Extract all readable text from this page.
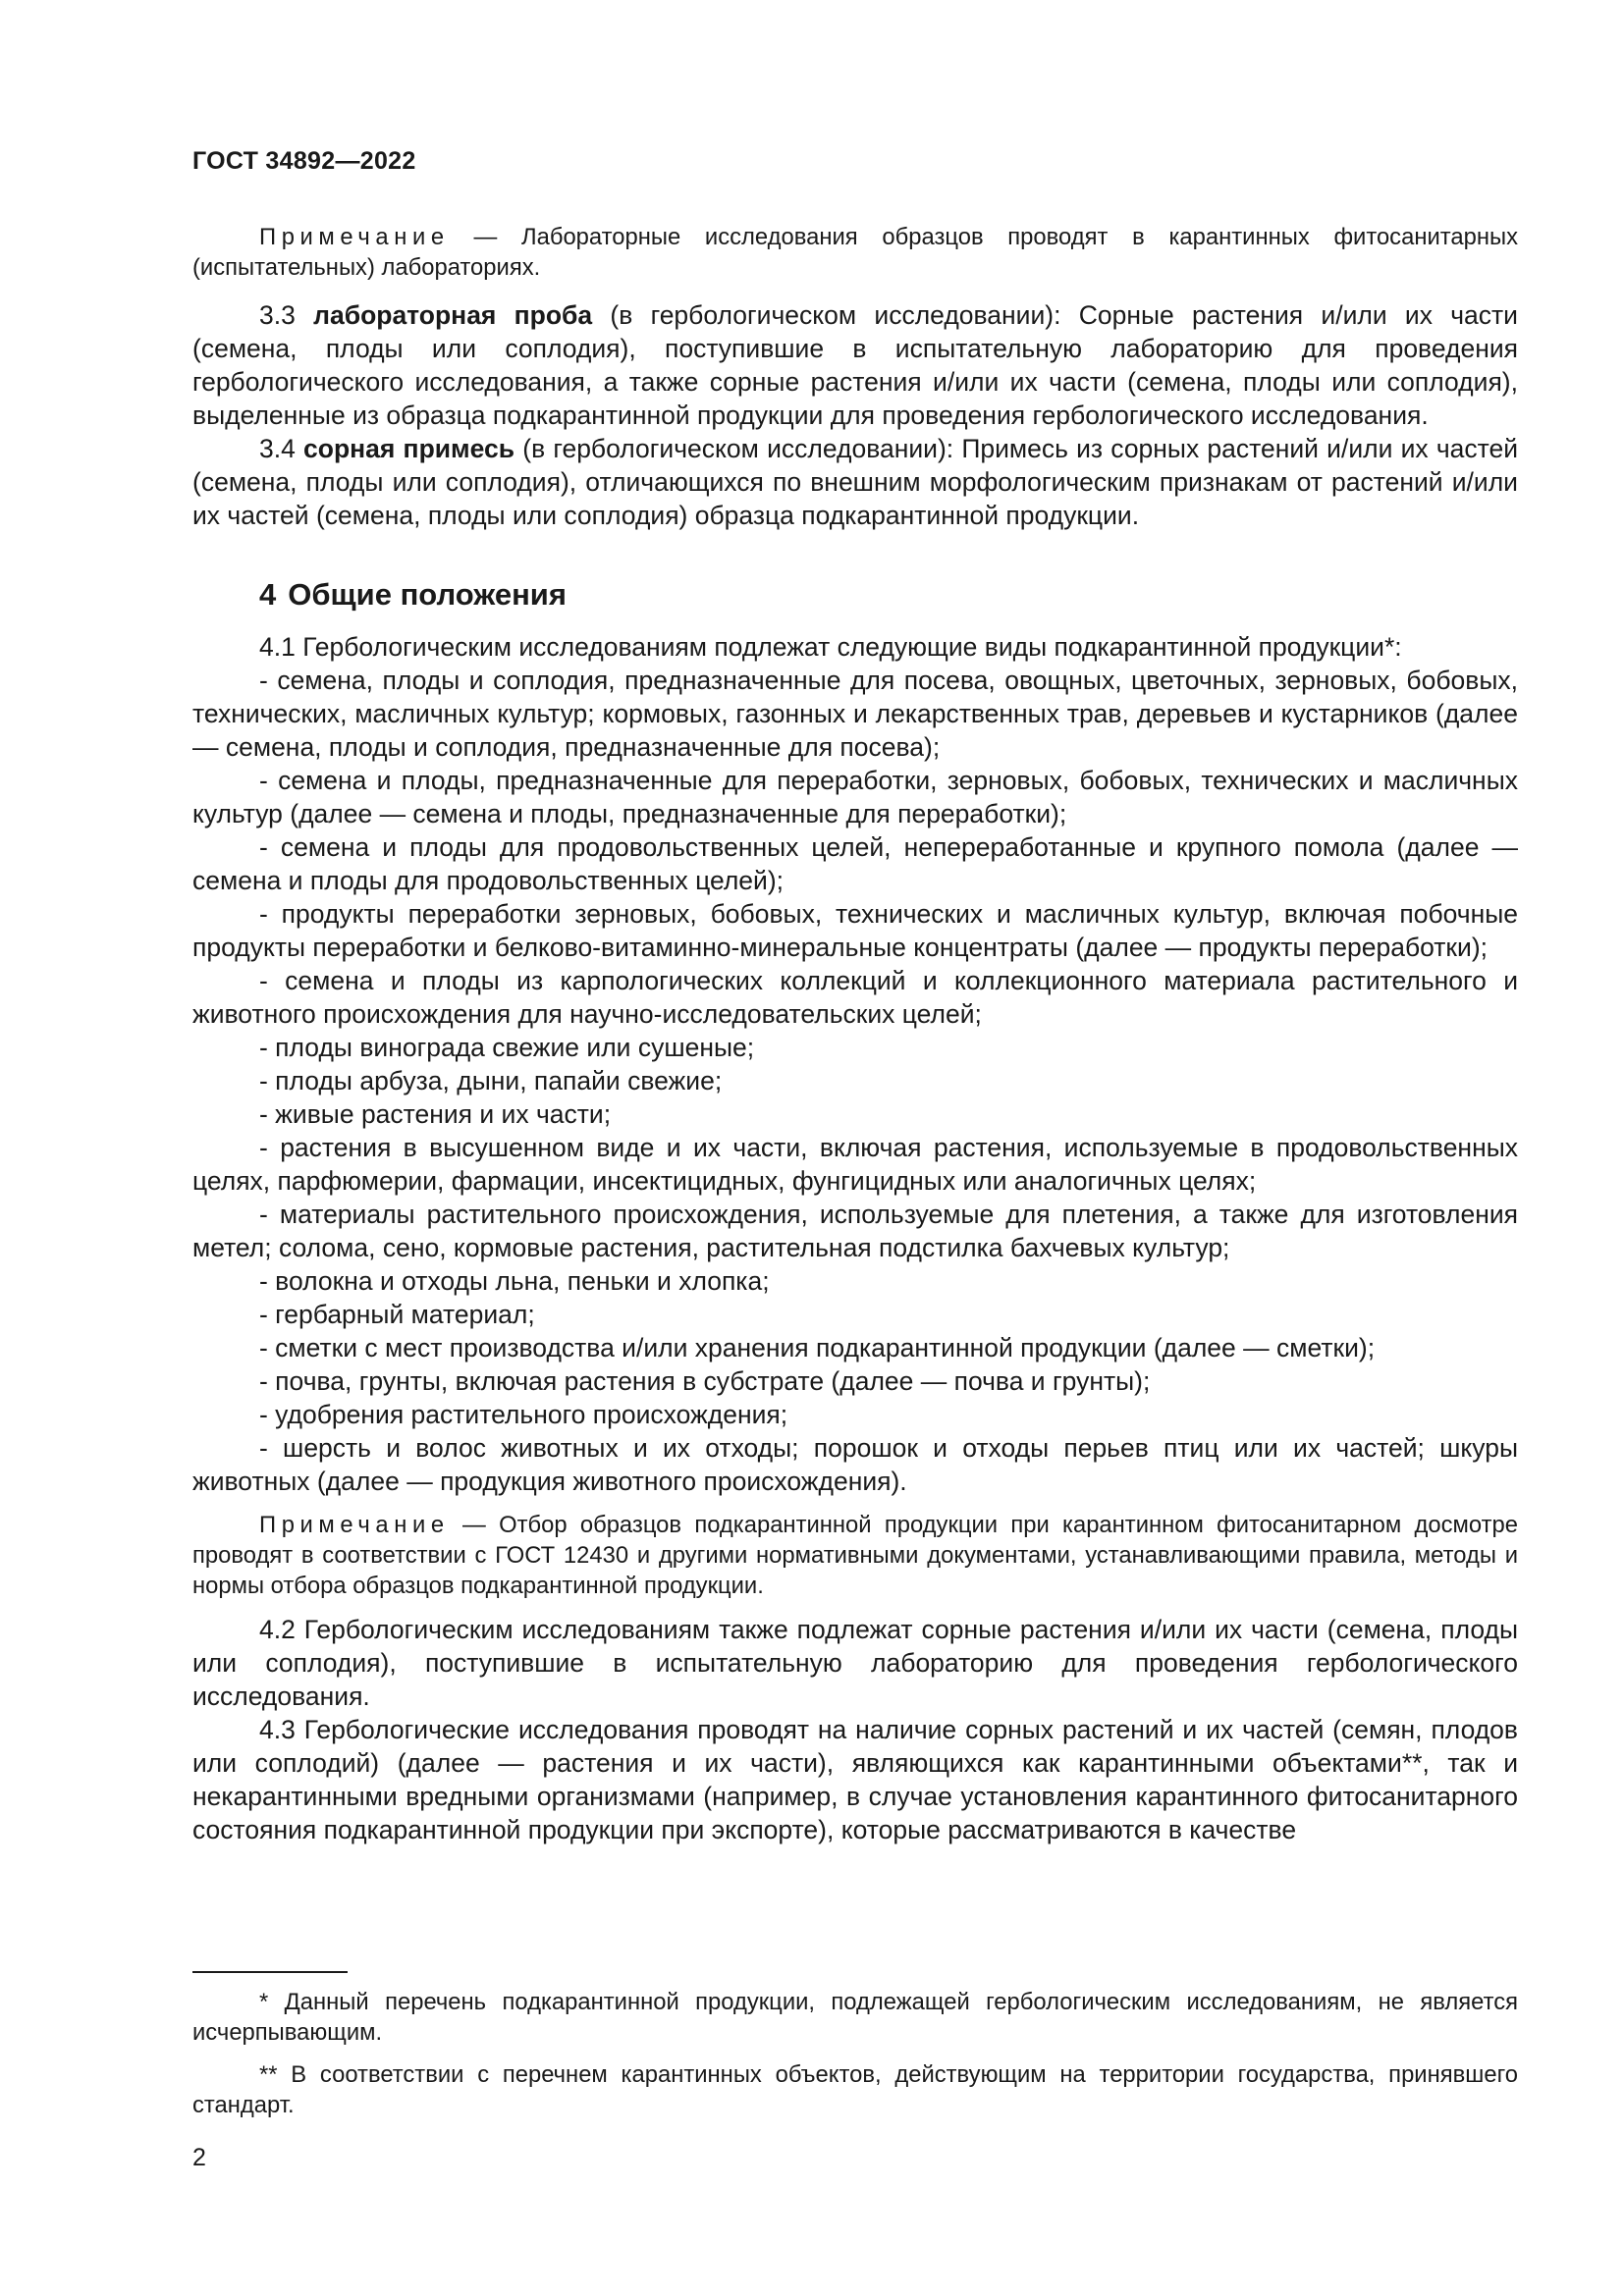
ГОСТ 34892—2022

Примечание — Лабораторные исследования образцов проводят в карантинных фитосанитарных (испытательных) лабораториях.

3.3 лабораторная проба (в гербологическом исследовании): Сорные растения и/или их части (семена, плоды или соплодия), поступившие в испытательную лабораторию для проведения гербологического исследования, а также сорные растения и/или их части (семена, плоды или соплодия), выделенные из образца подкарантинной продукции для проведения гербологического исследования.

3.4 сорная примесь (в гербологическом исследовании): Примесь из сорных растений и/или их частей (семена, плоды или соплодия), отличающихся по внешним морфологическим признакам от растений и/или их частей (семена, плоды или соплодия) образца подкарантинной продукции.

4 Общие положения

4.1 Гербологическим исследованиям подлежат следующие виды подкарантинной продукции*:

- семена, плоды и соплодия, предназначенные для посева, овощных, цветочных, зерновых, бобовых, технических, масличных культур; кормовых, газонных и лекарственных трав, деревьев и кустарников (далее — семена, плоды и соплодия, предназначенные для посева);

- семена и плоды, предназначенные для переработки, зерновых, бобовых, технических и масличных культур (далее — семена и плоды, предназначенные для переработки);

- семена и плоды для продовольственных целей, непереработанные и крупного помола (далее — семена и плоды для продовольственных целей);

- продукты переработки зерновых, бобовых, технических и масличных культур, включая побочные продукты переработки и белково-витаминно-минеральные концентраты (далее — продукты переработки);

- семена и плоды из карпологических коллекций и коллекционного материала растительного и животного происхождения для научно-исследовательских целей;

- плоды винограда свежие или сушеные;

- плоды арбуза, дыни, папайи свежие;

- живые растения и их части;

- растения в высушенном виде и их части, включая растения, используемые в продовольственных целях, парфюмерии, фармации, инсектицидных, фунгицидных или аналогичных целях;

- материалы растительного происхождения, используемые для плетения, а также для изготовления метел; солома, сено, кормовые растения, растительная подстилка бахчевых культур;

- волокна и отходы льна, пеньки и хлопка;

- гербарный материал;

- сметки с мест производства и/или хранения подкарантинной продукции (далее — сметки);

- почва, грунты, включая растения в субстрате (далее — почва и грунты);

- удобрения растительного происхождения;

- шерсть и волос животных и их отходы; порошок и отходы перьев птиц или их частей; шкуры животных (далее — продукция животного происхождения).

Примечание — Отбор образцов подкарантинной продукции при карантинном фитосанитарном досмотре проводят в соответствии с ГОСТ 12430 и другими нормативными документами, устанавливающими правила, методы и нормы отбора образцов подкарантинной продукции.

4.2 Гербологическим исследованиям также подлежат сорные растения и/или их части (семена, плоды или соплодия), поступившие в испытательную лабораторию для проведения гербологического исследования.

4.3 Гербологические исследования проводят на наличие сорных растений и их частей (семян, плодов или соплодий) (далее — растения и их части), являющихся как карантинными объектами**, так и некарантинными вредными организмами (например, в случае установления карантинного фитосанитарного состояния подкарантинной продукции при экспорте), которые рассматриваются в качестве

* Данный перечень подкарантинной продукции, подлежащей гербологическим исследованиям, не является исчерпывающим.

** В соответствии с перечнем карантинных объектов, действующим на территории государства, принявшего стандарт.

2
